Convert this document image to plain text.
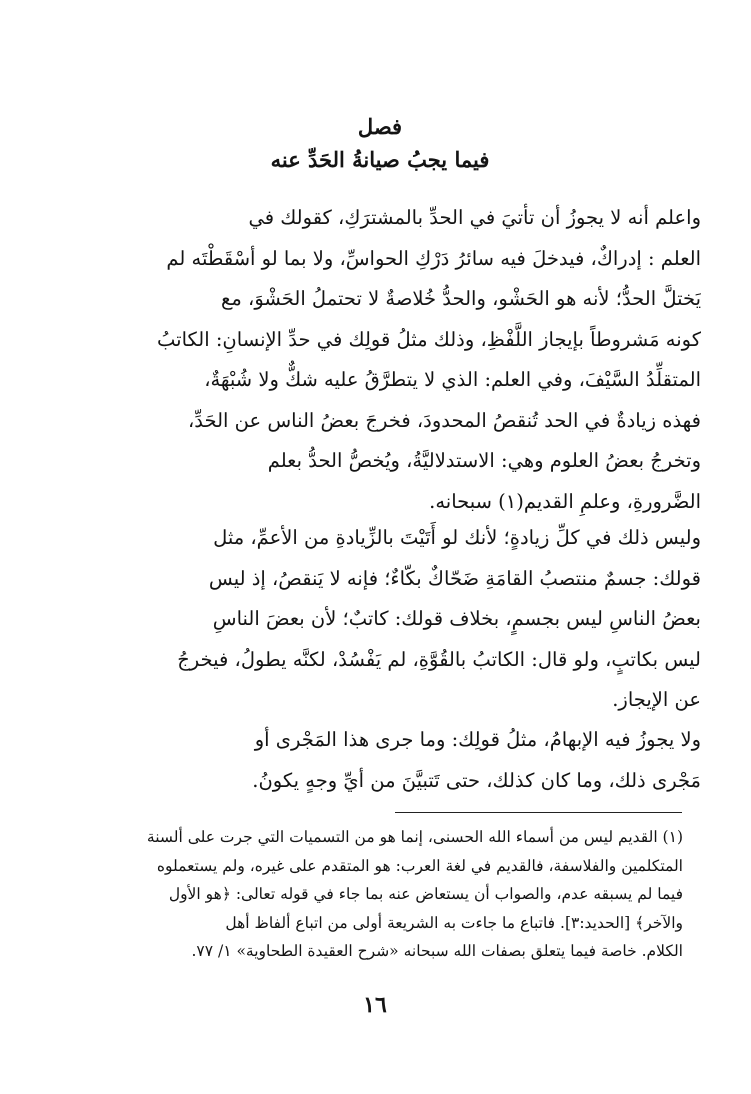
فصل
فيما يجبُ صيانةُ الحَدِّ عنه

واعلم أنه لا يجوزُ أن تأتيَ في الحدِّ بالمشترَكِ، كقولك في
العلم : إدراكٌ، فيدخلَ فيه سائرُ دَرْكِ الحواسِّ، ولا بما لو أسْقَطْتَه لم
يَختلَّ الحدُّ؛ لأنه هو الحَشْو، والحدُّ خُلاصةٌ لا تحتملُ الحَشْوَ، مع
كونه مَشروطاً بإيجاز اللَّفْظِ، وذلك مثلُ قولِك في حدِّ الإنسانِ: الكاتبُ
المتقلِّدُ السَّيْفَ، وفي العلم: الذي لا يتطرَّقُ عليه شكٌّ ولا شُبْهَةٌ،
فهذه زيادةٌ في الحد تُنقصُ المحدودَ، فخرجَ بعضُ الناس عن الحَدِّ،
وتخرجُ بعضُ العلوم وهي: الاستدلاليَّةُ، ويُخصُّ الحدُّ بعلم
الضَّرورةِ، وعلمِ القديم(١) سبحانه.

وليس ذلك في كلِّ زيادةٍ؛ لأنك لو أَتَيْتَ بالزِّيادةِ من الأعمِّ، مثل
قولك: جسمٌ منتصبُ القامَةِ ضَحّاكٌ بكّاءٌ؛ فإنه لا يَنقصُ، إذ ليس
بعضُ الناسِ ليس بجسمٍ، بخلاف قولك: كاتبٌ؛ لأن بعضَ الناسِ
ليس بكاتبٍ، ولو قال: الكاتبُ بالقُوَّةِ، لم يَفْسُدْ، لكنَّه يطولُ، فيخرجُ
عن الإيجاز.

ولا يجوزُ فيه الإبهامُ، مثلُ قولِك: وما جرى هذا المَجْرى أو
مَجْرى ذلك، وما كان كذلك، حتى تَتبيَّنَ من أيِّ وجهٍ يكونُ.

(١) القديم ليس من أسماء الله الحسنى، إنما هو من التسميات التي جرت على ألسنة
المتكلمين والفلاسفة، فالقديم في لغة العرب: هو المتقدم على غيره، ولم يستعملوه
فيما لم يسبقه عدم، والصواب أن يستعاض عنه بما جاء في قوله تعالى: ﴿هو الأول
والآخر﴾ [الحديد:٣]. فاتباع ما جاءت به الشريعة أولى من اتباع ألفاظ أهل
الكلام. خاصة فيما يتعلق بصفات الله سبحانه «شرح العقيدة الطحاوية» ١/ ٧٧.

١٦
